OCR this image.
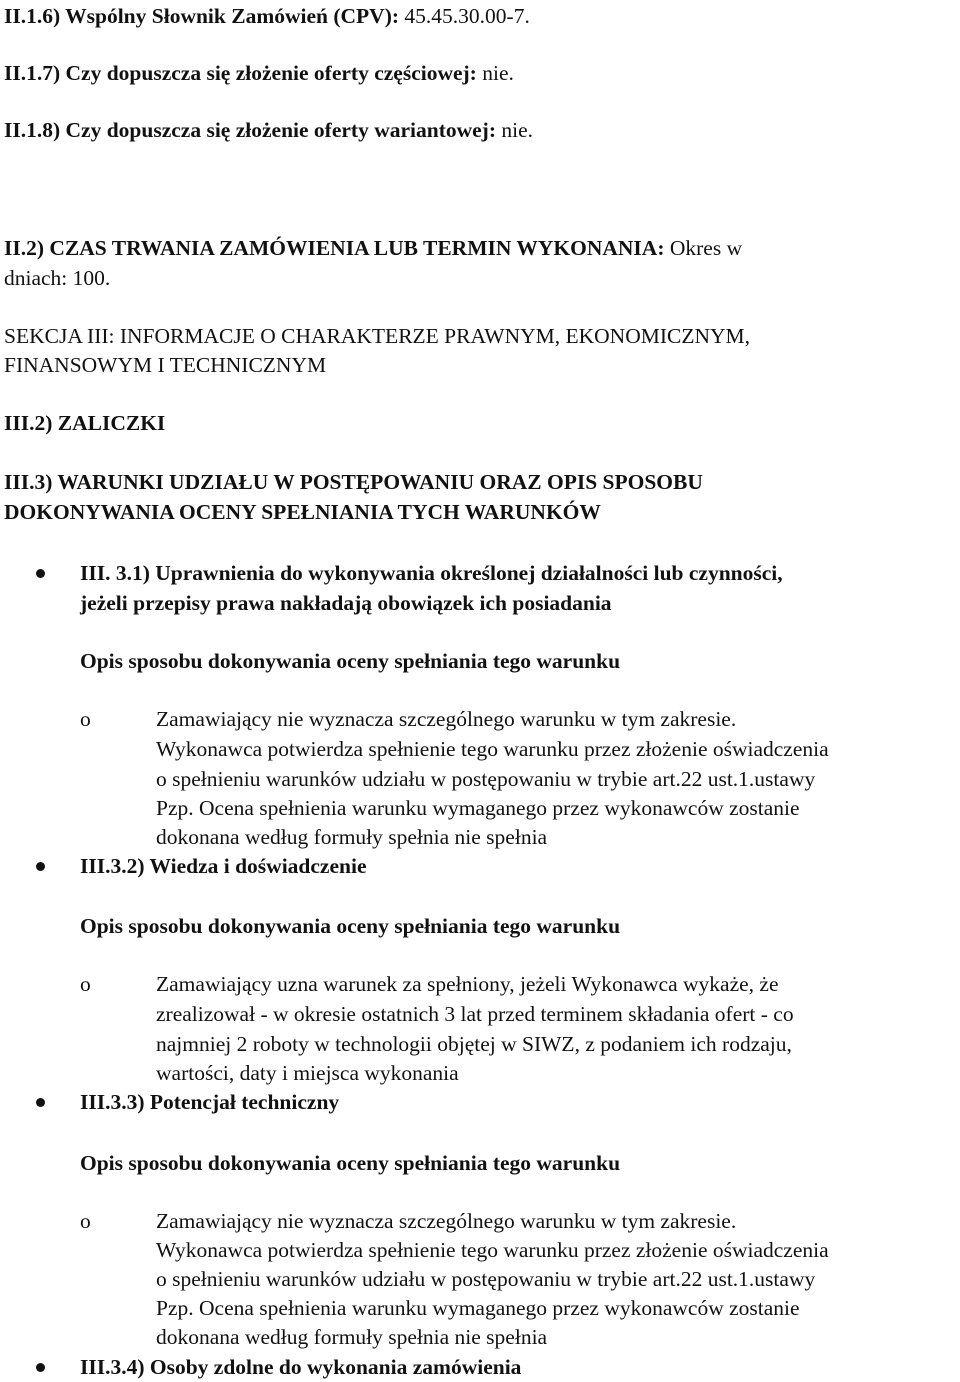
II.1.6) Wspólny Słownik Zamówień (CPV): 45.45.30.00-7.
II.1.7) Czy dopuszcza się złożenie oferty częściowej: nie.
II.1.8) Czy dopuszcza się złożenie oferty wariantowej: nie.
II.2) CZAS TRWANIA ZAMÓWIENIA LUB TERMIN WYKONANIA: Okres w
dniach: 100.
SEKCJA III: INFORMACJE O CHARAKTERZE PRAWNYM, EKONOMICZNYM,
FINANSOWYM I TECHNICZNYM
III.2) ZALICZKI
III.3) WARUNKI UDZIAŁU W POSTĘPOWANIU ORAZ OPIS SPOSOBU
DOKONYWANIA OCENY SPEŁNIANIA TYCH WARUNKÓW
III. 3.1) Uprawnienia do wykonywania określonej działalności lub czynności,
jeżeli przepisy prawa nakładają obowiązek ich posiadania
Opis sposobu dokonywania oceny spełniania tego warunku
o	Zamawiający nie wyznacza szczególnego warunku w tym zakresie.
Wykonawca potwierdza spełnienie tego warunku przez złożenie oświadczenia
o spełnieniu warunków udziału w postępowaniu w trybie art.22 ust.1.ustawy
Pzp. Ocena spełnienia warunku wymaganego przez wykonawców zostanie
dokonana według formuły spełnia nie spełnia
III.3.2) Wiedza i doświadczenie
Opis sposobu dokonywania oceny spełniania tego warunku
o	Zamawiający uzna warunek za spełniony, jeżeli Wykonawca wykaże, że
zrealizował - w okresie ostatnich 3 lat przed terminem składania ofert - co
najmniej 2 roboty w technologii objętej w SIWZ, z podaniem ich rodzaju,
wartości, daty i miejsca wykonania
III.3.3) Potencjał techniczny
Opis sposobu dokonywania oceny spełniania tego warunku
o	Zamawiający nie wyznacza szczególnego warunku w tym zakresie.
Wykonawca potwierdza spełnienie tego warunku przez złożenie oświadczenia
o spełnieniu warunków udziału w postępowaniu w trybie art.22 ust.1.ustawy
Pzp. Ocena spełnienia warunku wymaganego przez wykonawców zostanie
dokonana według formuły spełnia nie spełnia
III.3.4) Osoby zdolne do wykonania zamówienia
